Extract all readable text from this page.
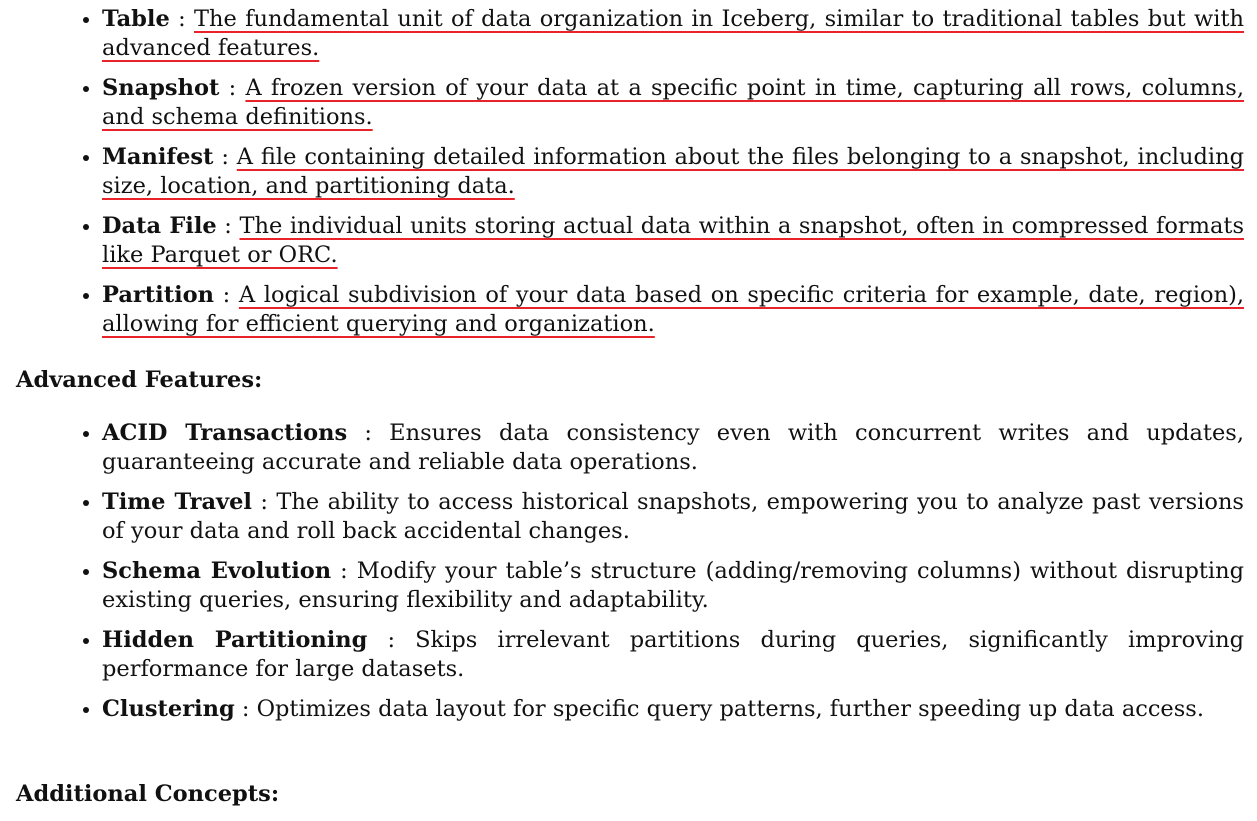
• Table : The fundamental unit of data organization in Iceberg, similar to traditional tables but with advanced features.
• Snapshot : A frozen version of your data at a specific point in time, capturing all rows, columns, and schema definitions.
• Manifest : A file containing detailed information about the files belonging to a snapshot, including size, location, and partitioning data.
• Data File : The individual units storing actual data within a snapshot, often in compressed formats like Parquet or ORC.
• Partition : A logical subdivision of your data based on specific criteria for example, date, region), allowing for efficient querying and organization.
Advanced Features:
• ACID Transactions : Ensures data consistency even with concurrent writes and updates, guaranteeing accurate and reliable data operations.
• Time Travel : The ability to access historical snapshots, empowering you to analyze past versions of your data and roll back accidental changes.
• Schema Evolution : Modify your table’s structure (adding/removing columns) without disrupting existing queries, ensuring flexibility and adaptability.
• Hidden Partitioning : Skips irrelevant partitions during queries, significantly improving performance for large datasets.
• Clustering : Optimizes data layout for specific query patterns, further speeding up data access.
Additional Concepts:
